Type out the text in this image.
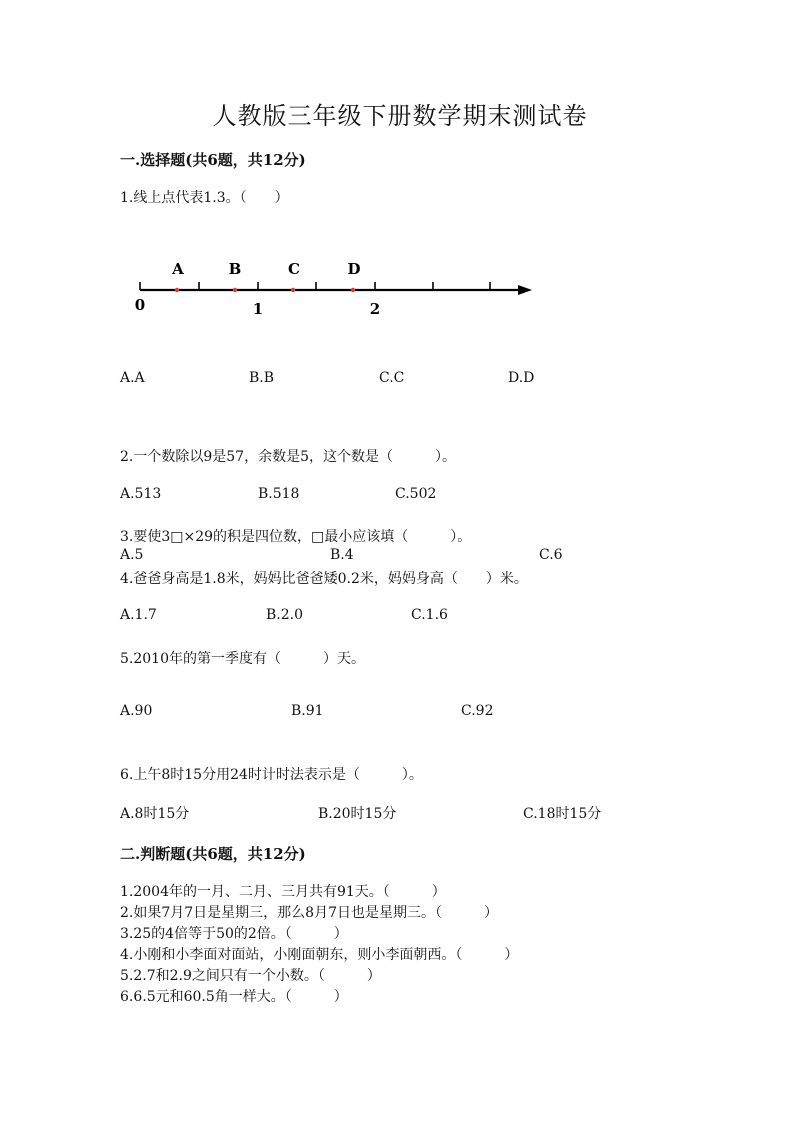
人教版三年级下册数学期末测试卷
一.选择题(共6题，共12分)
1.线上点代表1.3。（　　）
A	B	C	D
0	1	2
A.A	B.B	C.C	D.D
2.一个数除以9是57，余数是5，这个数是（　　　）。
A.513	B.518	C.502
3.要使3□×29的积是四位数，□最小应该填（　　　）。
A.5	B.4	C.6
4.爸爸身高是1.8米，妈妈比爸爸矮0.2米，妈妈身高（　　）米。
A.1.7	B.2.0	C.1.6
5.2010年的第一季度有（　　　）天。
A.90	B.91	C.92
6.上午8时15分用24时计时法表示是（　　　）。
A.8时15分	B.20时15分	C.18时15分
二.判断题(共6题，共12分)
1.2004年的一月、二月、三月共有91天。（　　　）
2.如果7月7日是星期三，那么8月7日也是星期三。（　　　）
3.25的4倍等于50的2倍。（　　　）
4.小刚和小李面对面站，小刚面朝东，则小李面朝西。（　　　）
5.2.7和2.9之间只有一个小数。（　　　）
6.6.5元和60.5角一样大。（　　　）
